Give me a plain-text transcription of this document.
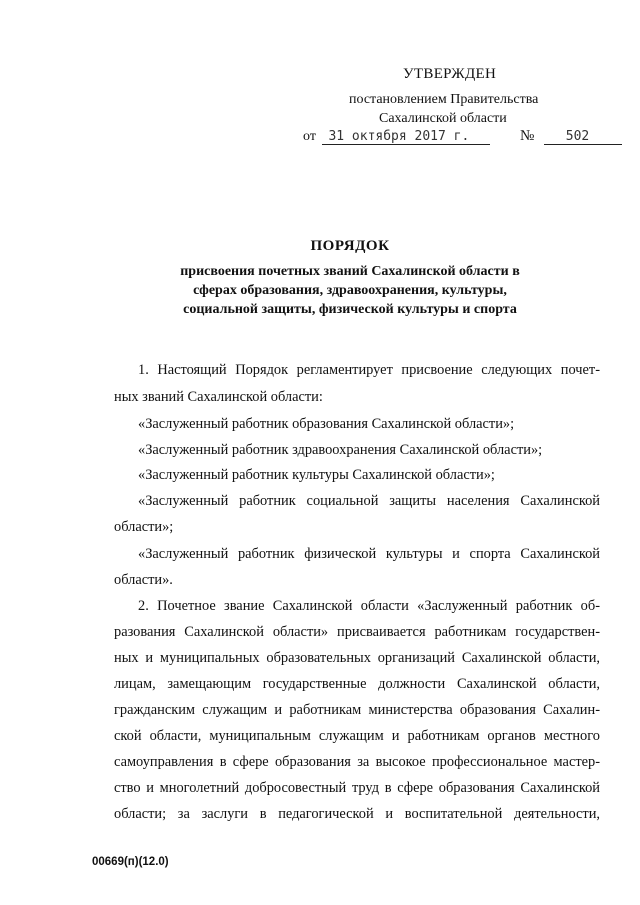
УТВЕРЖДЕН
постановлением Правительства
Сахалинской области
от 31 октября 2017 г.	№ 502
ПОРЯДОК
присвоения почетных званий Сахалинской области в
сферах образования, здравоохранения, культуры,
социальной защиты, физической культуры и спорта
1. Настоящий Порядок регламентирует присвоение следующих почет-
ных званий Сахалинской области:
«Заслуженный работник образования Сахалинской области»;
«Заслуженный работник здравоохранения Сахалинской области»;
«Заслуженный работник культуры Сахалинской области»;
«Заслуженный работник социальной защиты населения Сахалинской
области»;
«Заслуженный работник физической культуры и спорта Сахалинской
области».
2. Почетное звание Сахалинской области «Заслуженный работник об-
разования Сахалинской области» присваивается работникам государствен-
ных и муниципальных образовательных организаций Сахалинской области,
лицам, замещающим государственные должности Сахалинской области,
гражданским служащим и работникам министерства образования Сахалин-
ской области, муниципальным служащим и работникам органов местного
самоуправления в сфере образования за высокое профессиональное мастер-
ство и многолетний добросовестный труд в сфере образования Сахалинской
области; за заслуги в педагогической и воспитательной деятельности,
00669(п)(12.0)
